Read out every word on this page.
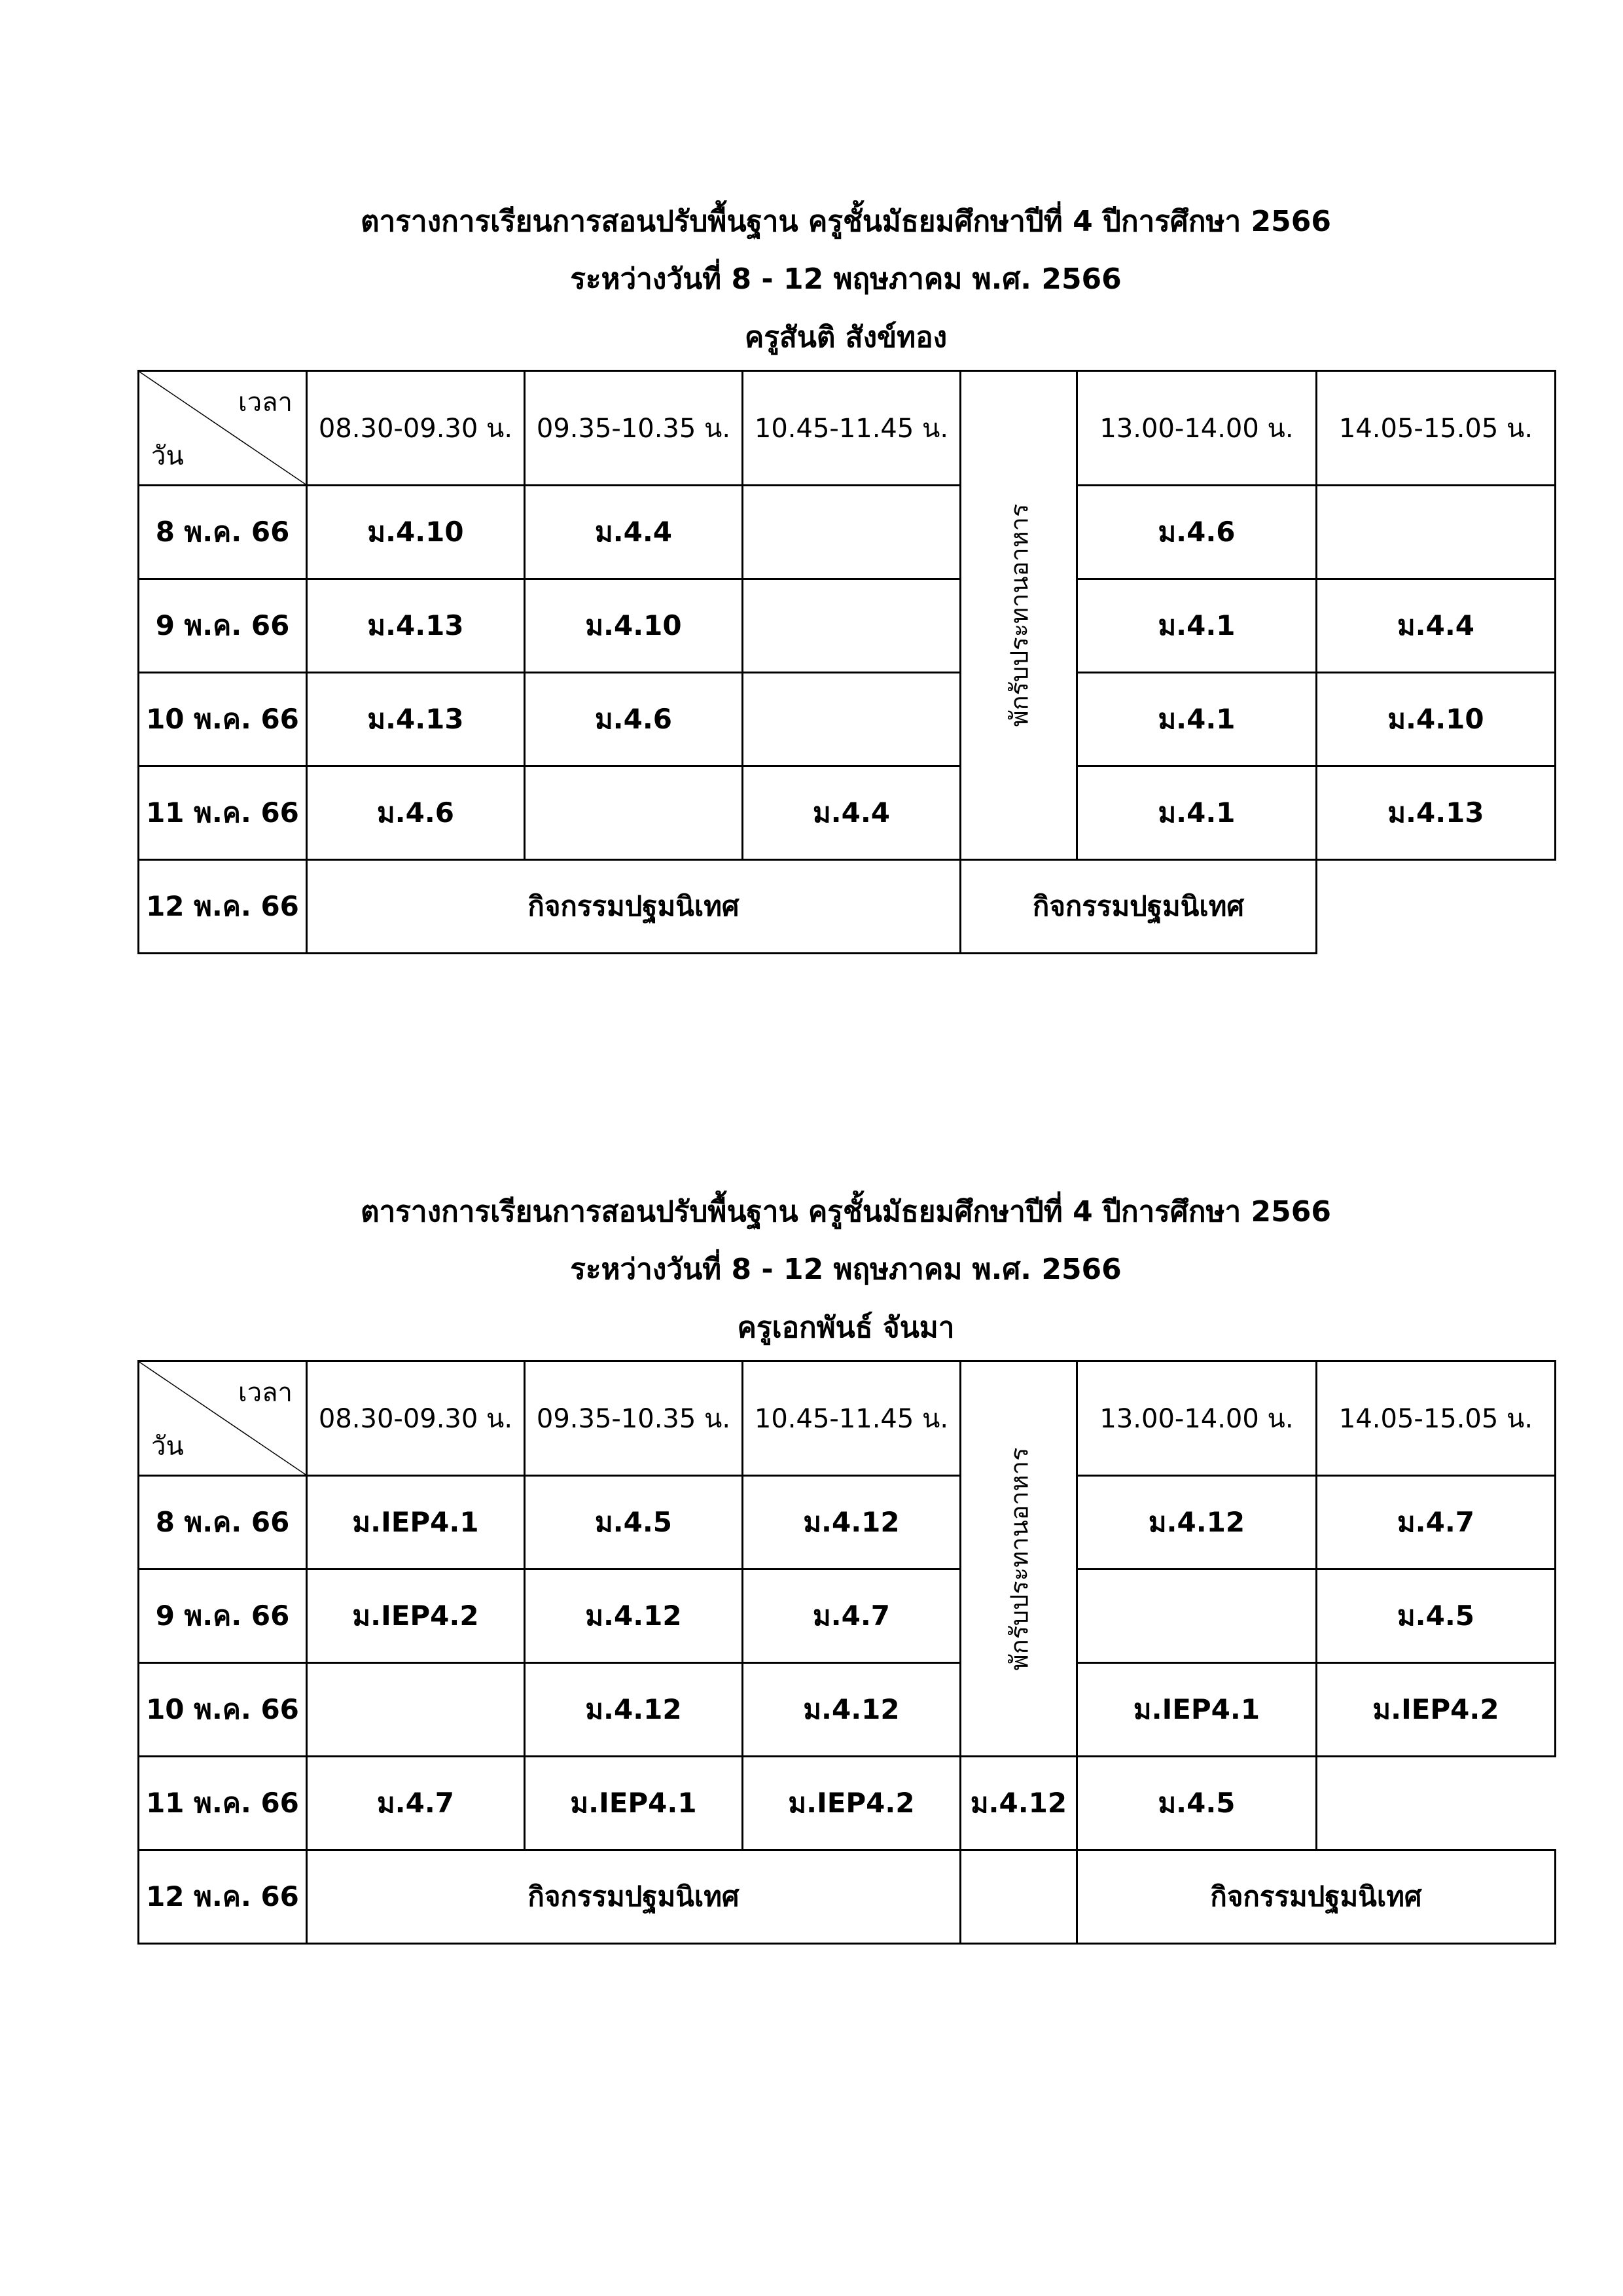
ตารางการเรียนการสอนปรับพื้นฐาน ครูชั้นมัธยมศึกษาปีที่ 4 ปีการศึกษา 2566
ระหว่างวันที่ 8 - 12 พฤษภาคม พ.ศ. 2566
ครูสันติ สังข์ทอง
เวลา
วัน	08.30-09.30 น.	09.35-10.35 น.	10.45-11.45 น.	พักรับประทานอาหาร	13.00-14.00 น.	14.05-15.05 น.
8 พ.ค. 66	ม.4.10	ม.4.4			ม.4.6	
9 พ.ค. 66	ม.4.13	ม.4.10			ม.4.1	ม.4.4
10 พ.ค. 66	ม.4.13	ม.4.6			ม.4.1	ม.4.10
11 พ.ค. 66	ม.4.6		ม.4.4		ม.4.1	ม.4.13
12 พ.ค. 66	กิจกรรมปฐมนิเทศ			กิจกรรมปฐมนิเทศ		
ตารางการเรียนการสอนปรับพื้นฐาน ครูชั้นมัธยมศึกษาปีที่ 4 ปีการศึกษา 2566
ระหว่างวันที่ 8 - 12 พฤษภาคม พ.ศ. 2566
ครูเอกพันธ์ จันมา
เวลา
วัน	08.30-09.30 น.	09.35-10.35 น.	10.45-11.45 น.	พักรับประทานอาหาร	13.00-14.00 น.	14.05-15.05 น.
8 พ.ค. 66	ม.IEP4.1	ม.4.5	ม.4.12		ม.4.12	ม.4.7
9 พ.ค. 66	ม.IEP4.2	ม.4.12	ม.4.7			ม.4.5
10 พ.ค. 66		ม.4.12	ม.4.12		ม.IEP4.1	ม.IEP4.2
11 พ.ค. 66	ม.4.7	ม.IEP4.1	ม.IEP4.2	ม.4.12	ม.4.5	
12 พ.ค. 66	กิจกรรมปฐมนิเทศ				กิจกรรมปฐมนิเทศ	
